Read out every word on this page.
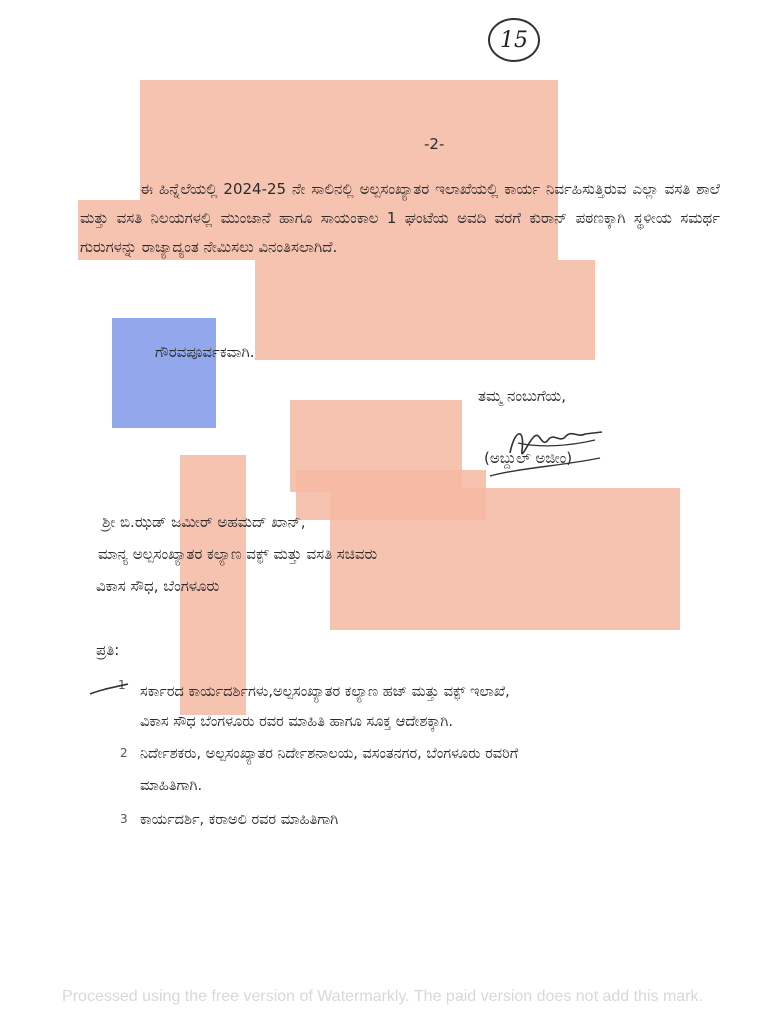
15
-2-
ಈ ಹಿನ್ನೆಲೆಯಲ್ಲಿ 2024-25 ನೇ ಸಾಲಿನಲ್ಲಿ ಅಲ್ಪಸಂಖ್ಯಾತರ ಇಲಾಖೆಯಲ್ಲಿ ಕಾರ್ಯ ನಿರ್ವಹಿಸುತ್ತಿರುವ ಎಲ್ಲಾ ವಸತಿ ಶಾಲೆ ಮತ್ತು ವಸತಿ ನಿಲಯಗಳಲ್ಲಿ ಮುಂಜಾನೆ ಹಾಗೂ ಸಾಯಂಕಾಲ 1 ಘಂಟೆಯ ಅವದಿ ವರಗೆ ಕುರಾನ್ ಪಠಣಕ್ಕಾಗಿ ಸ್ಥಳೀಯ ಸಮರ್ಥ ಗುರುಗಳನ್ನು ರಾಜ್ಯಾದ್ಯಂತ ನೇಮಿಸಲು ವಿನಂತಿಸಲಾಗಿದೆ.
ಗೌರವಪೂರ್ವಕವಾಗಿ.
ತಮ್ಮ ನಂಬುಗೆಯ,
(ಅಬ್ದುಲ್ ಅಜೀಂ)
ಶ್ರೀ ಬಿ.ಝಡ್ ಜಮೀರ್ ಅಹಮದ್ ಖಾನ್,
ಮಾನ್ಯ ಅಲ್ಪಸಂಖ್ಯಾತರ ಕಲ್ಯಾಣ ವಕ್ಫ್ ಮತ್ತು ವಸತಿ ಸಚಿವರು
ವಿಕಾಸ ಸೌಧ, ಬೆಂಗಳೂರು
ಪ್ರತಿ:
1 ಸರ್ಕಾರದ ಕಾರ್ಯದರ್ಶಿಗಳು,ಅಲ್ಪಸಂಖ್ಯಾತರ ಕಲ್ಯಾಣ ಹಜ್ ಮತ್ತು ವಕ್ಫ್ ಇಲಾಖೆ,
ವಿಕಾಸ ಸೌಧ ಬೆಂಗಳೂರು ರವರ ಮಾಹಿತಿ ಹಾಗೂ ಸೂಕ್ತ ಆದೇಶಕ್ಕಾಗಿ.
2 ನಿರ್ದೇಶಕರು, ಅಲ್ಪಸಂಖ್ಯಾತರ ನಿರ್ದೇಶನಾಲಯ, ವಸಂತನಗರ, ಬೆಂಗಳೂರು ರವರಿಗೆ
ಮಾಹಿತಿಗಾಗಿ.
3 ಕಾರ್ಯದರ್ಶಿ, ಕರಾಅಲಿ ರವರ ಮಾಹಿತಿಗಾಗಿ
Processed using the free version of Watermarkly. The paid version does not add this mark.
